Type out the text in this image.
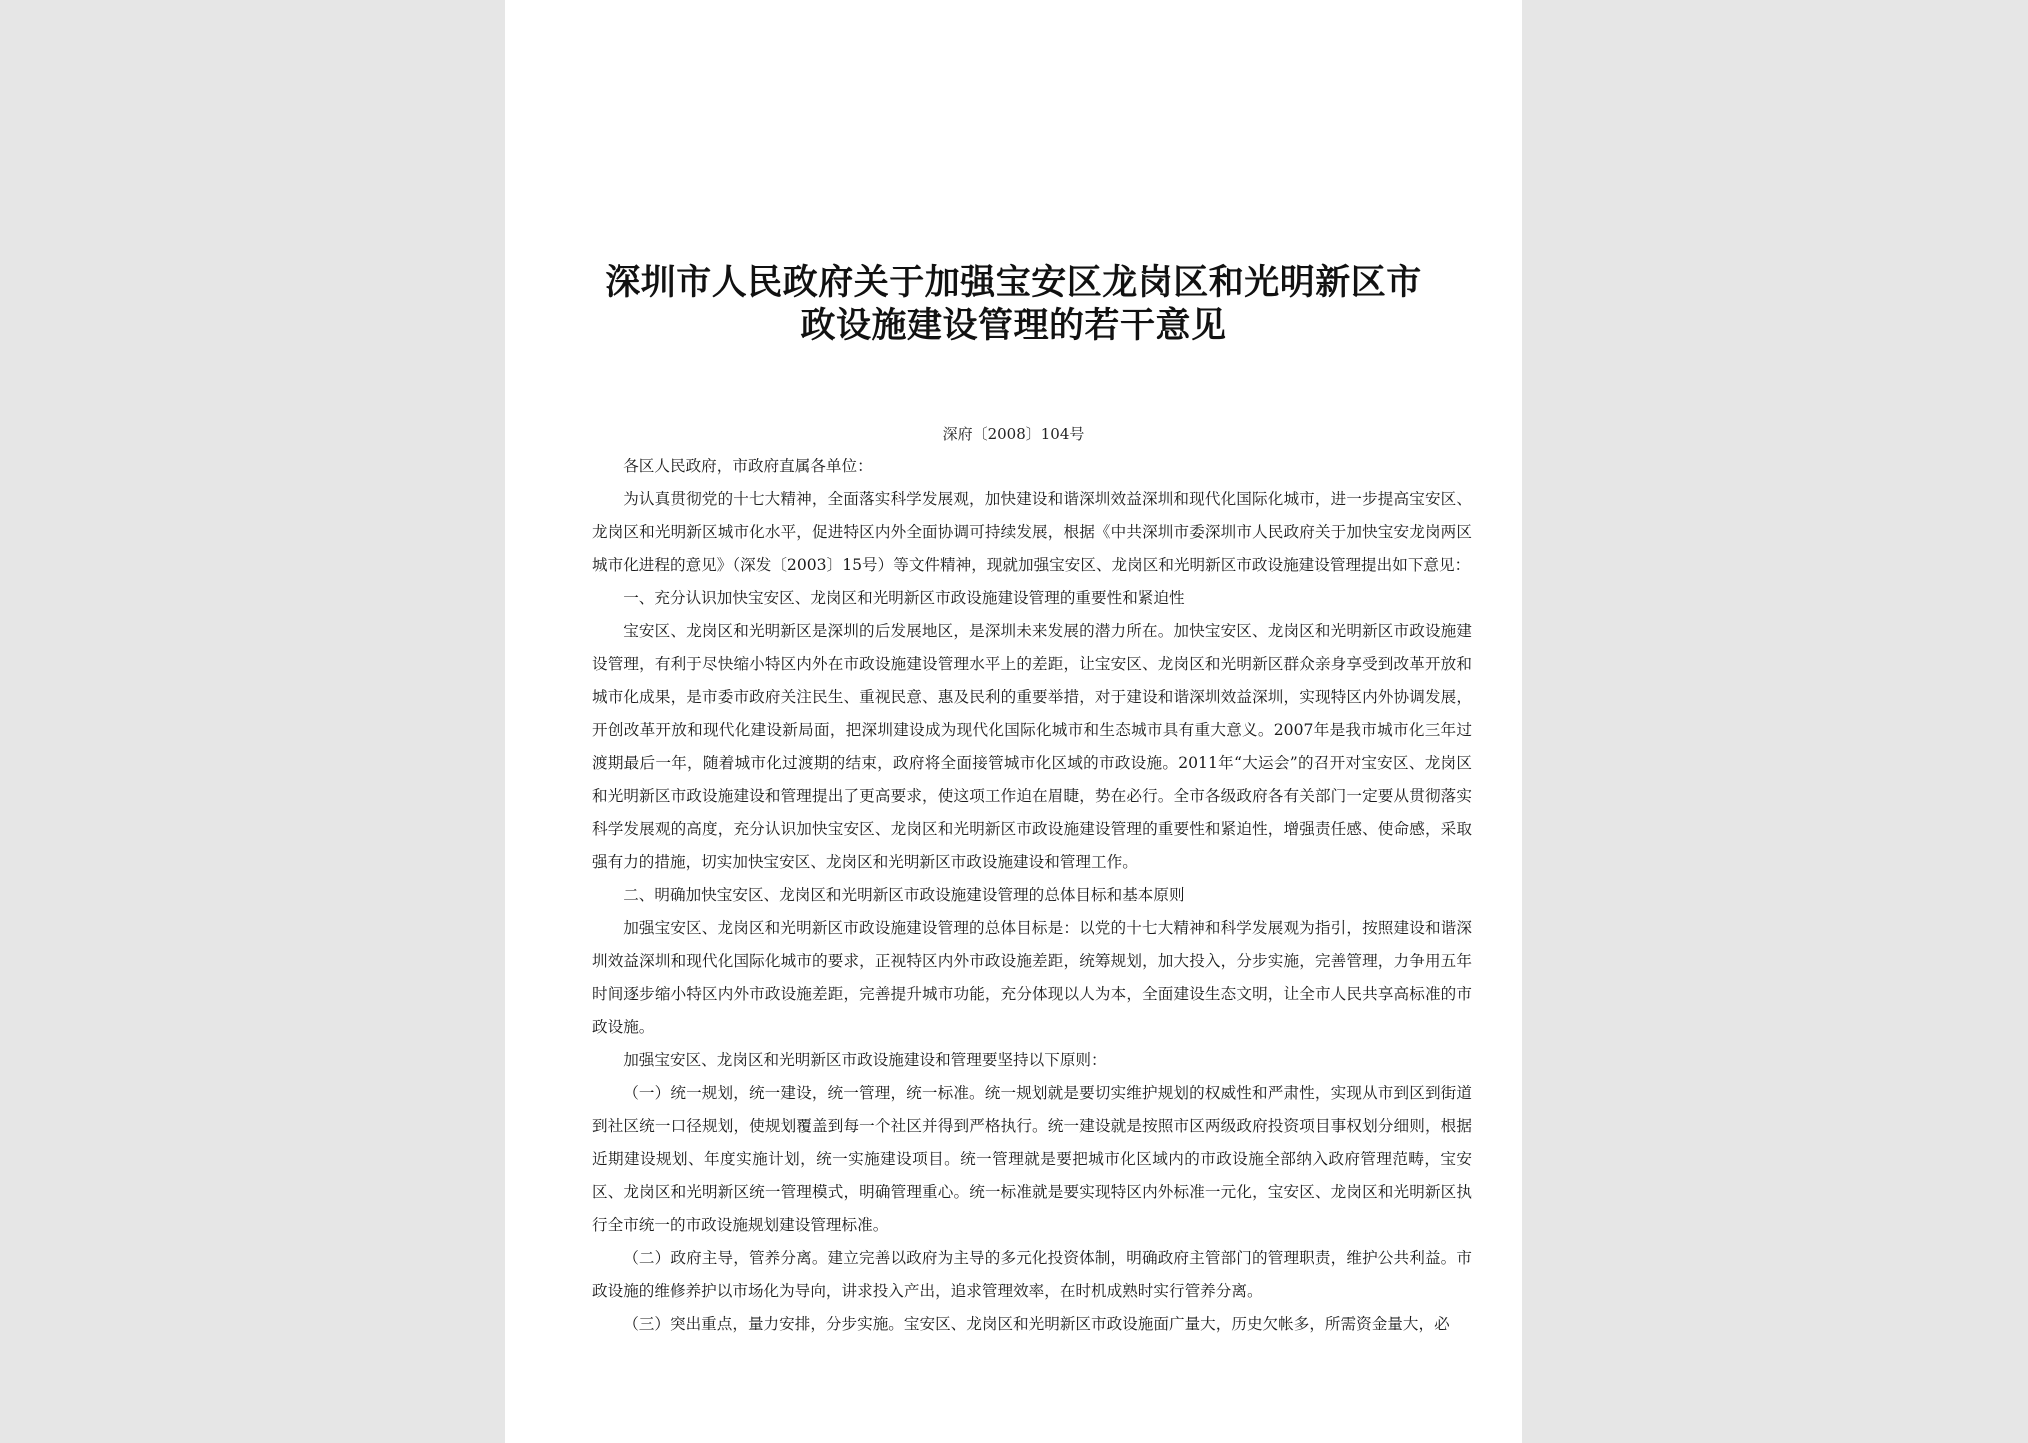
深圳市人民政府关于加强宝安区龙岗区和光明新区市
政设施建设管理的若干意见
深府〔2008〕104号

各区人民政府，市政府直属各单位：

为认真贯彻党的十七大精神，全面落实科学发展观，加快建设和谐深圳效益深圳和现代化国际化城市，进一步提高宝安区、龙岗区和光明新区城市化水平，促进特区内外全面协调可持续发展，根据《中共深圳市委深圳市人民政府关于加快宝安龙岗两区城市化进程的意见》（深发〔2003〕15号）等文件精神，现就加强宝安区、龙岗区和光明新区市政设施建设管理提出如下意见：

一、充分认识加快宝安区、龙岗区和光明新区市政设施建设管理的重要性和紧迫性

宝安区、龙岗区和光明新区是深圳的后发展地区，是深圳未来发展的潜力所在。加快宝安区、龙岗区和光明新区市政设施建设管理，有利于尽快缩小特区内外在市政设施建设管理水平上的差距，让宝安区、龙岗区和光明新区群众亲身享受到改革开放和城市化成果，是市委市政府关注民生、重视民意、惠及民利的重要举措，对于建设和谐深圳效益深圳，实现特区内外协调发展，开创改革开放和现代化建设新局面，把深圳建设成为现代化国际化城市和生态城市具有重大意义。2007年是我市城市化三年过渡期最后一年，随着城市化过渡期的结束，政府将全面接管城市化区域的市政设施。2011年“大运会”的召开对宝安区、龙岗区和光明新区市政设施建设和管理提出了更高要求，使这项工作迫在眉睫，势在必行。全市各级政府各有关部门一定要从贯彻落实科学发展观的高度，充分认识加快宝安区、龙岗区和光明新区市政设施建设管理的重要性和紧迫性，增强责任感、使命感，采取强有力的措施，切实加快宝安区、龙岗区和光明新区市政设施建设和管理工作。

二、明确加快宝安区、龙岗区和光明新区市政设施建设管理的总体目标和基本原则

加强宝安区、龙岗区和光明新区市政设施建设管理的总体目标是：以党的十七大精神和科学发展观为指引，按照建设和谐深圳效益深圳和现代化国际化城市的要求，正视特区内外市政设施差距，统筹规划，加大投入，分步实施，完善管理，力争用五年时间逐步缩小特区内外市政设施差距，完善提升城市功能，充分体现以人为本，全面建设生态文明，让全市人民共享高标准的市政设施。

加强宝安区、龙岗区和光明新区市政设施建设和管理要坚持以下原则：

（一）统一规划，统一建设，统一管理，统一标准。统一规划就是要切实维护规划的权威性和严肃性，实现从市到区到街道到社区统一口径规划，使规划覆盖到每一个社区并得到严格执行。统一建设就是按照市区两级政府投资项目事权划分细则，根据近期建设规划、年度实施计划，统一实施建设项目。统一管理就是要把城市化区域内的市政设施全部纳入政府管理范畴，宝安区、龙岗区和光明新区统一管理模式，明确管理重心。统一标准就是要实现特区内外标准一元化，宝安区、龙岗区和光明新区执行全市统一的市政设施规划建设管理标准。

（二）政府主导，管养分离。建立完善以政府为主导的多元化投资体制，明确政府主管部门的管理职责，维护公共利益。市政设施的维修养护以市场化为导向，讲求投入产出，追求管理效率，在时机成熟时实行管养分离。

（三）突出重点，量力安排，分步实施。宝安区、龙岗区和光明新区市政设施面广量大，历史欠帐多，所需资金量大，必
